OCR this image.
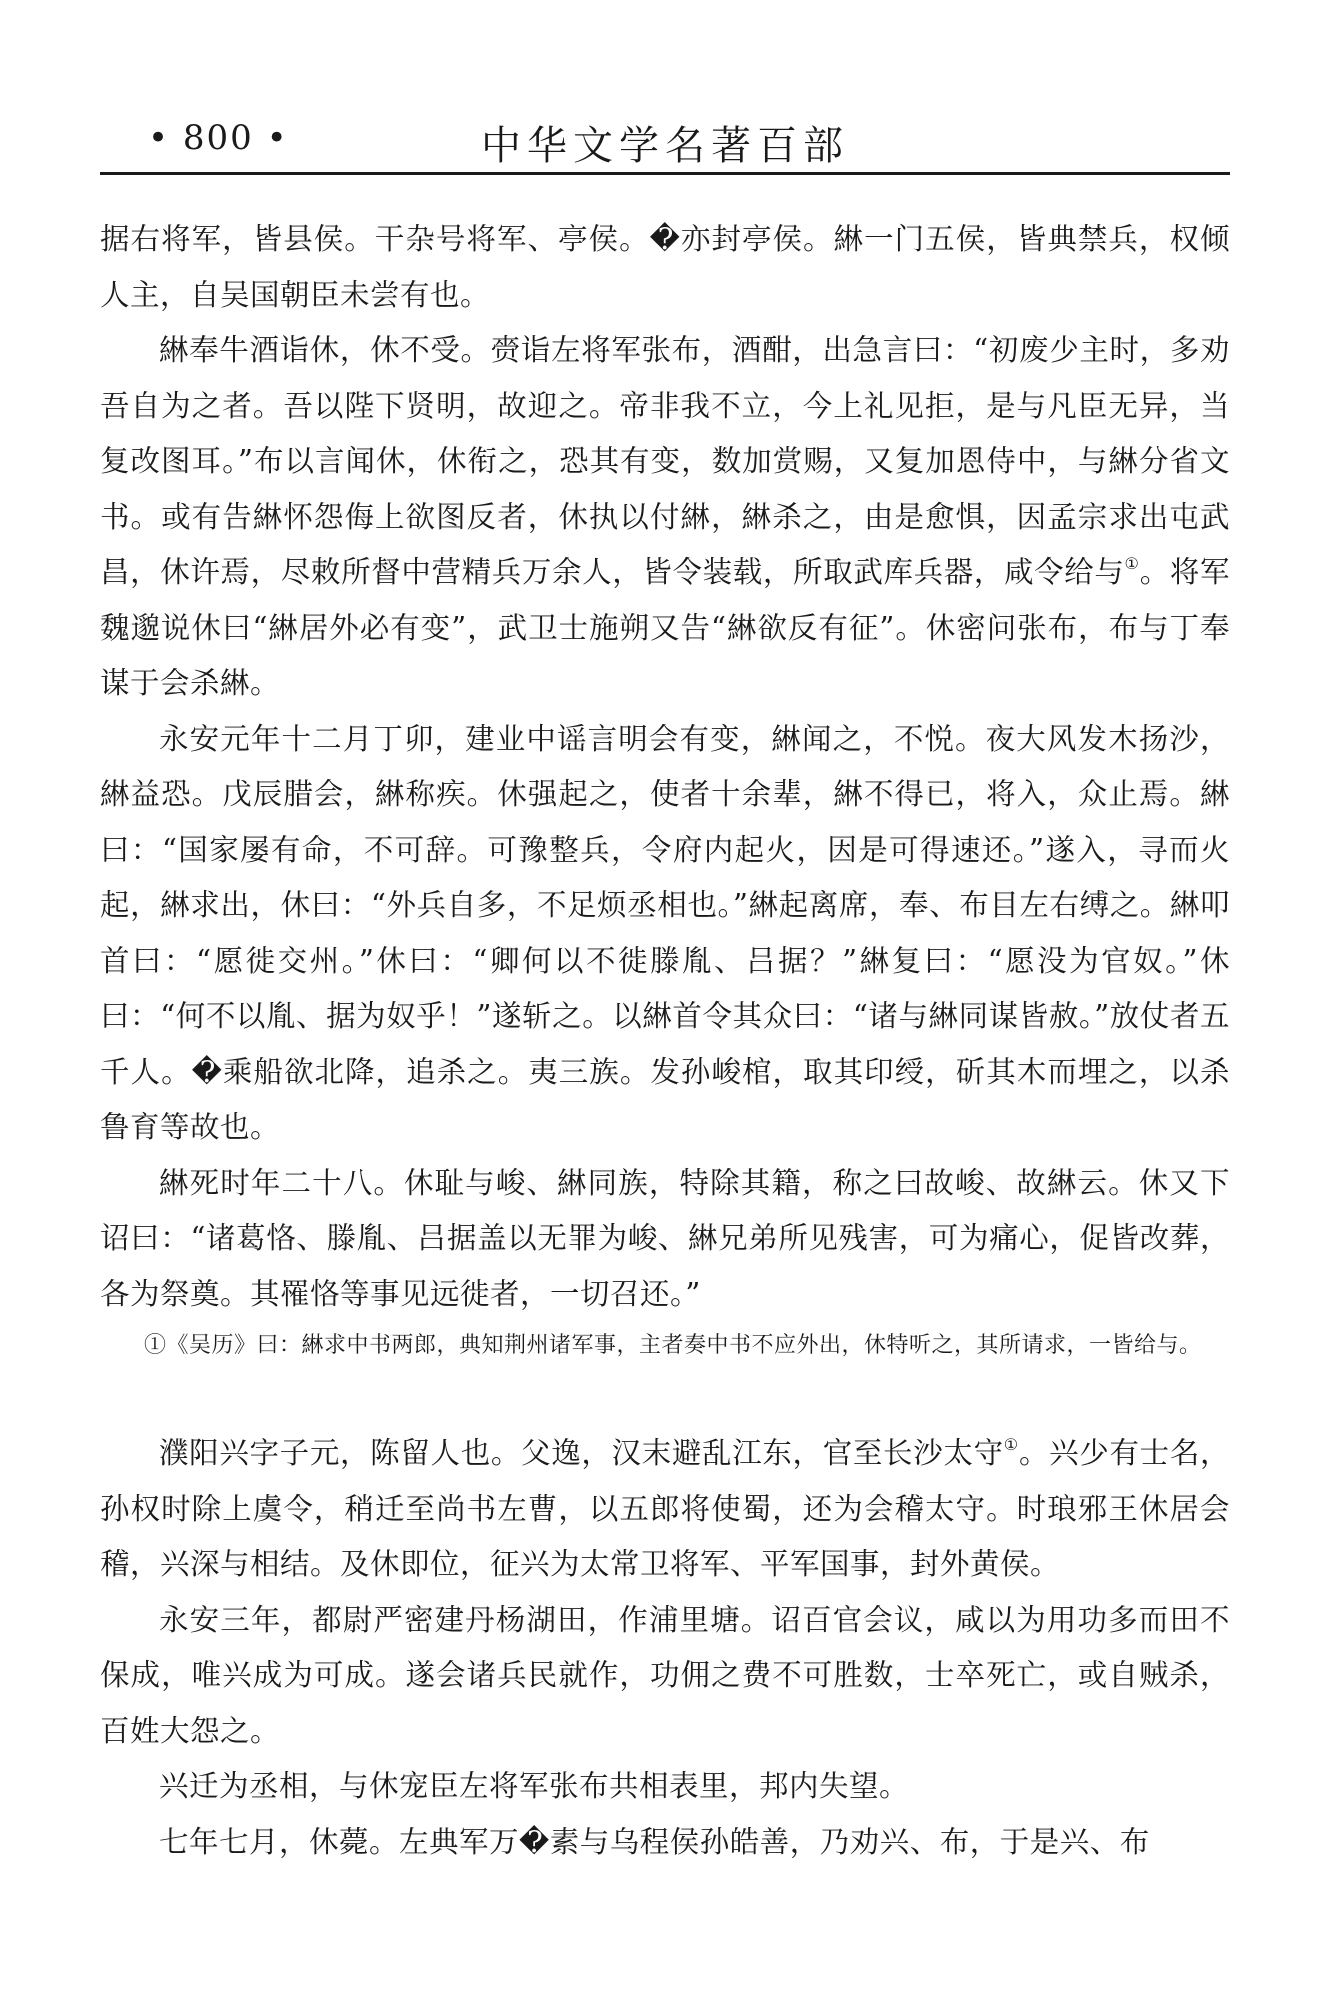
• 800 •	中华文学名著百部

据右将军，皆县侯。干杂号将军、亭侯。�亦封亭侯。綝一门五侯，皆典禁兵，权倾人主，自吴国朝臣未尝有也。

綝奉牛酒诣休，休不受。赍诣左将军张布，酒酣，出急言曰：“初废少主时，多劝吾自为之者。吾以陛下贤明，故迎之。帝非我不立，今上礼见拒，是与凡臣无异，当复改图耳。”布以言闻休，休衔之，恐其有变，数加赏赐，又复加恩侍中，与綝分省文书。或有告綝怀怨侮上欲图反者，休执以付綝，綝杀之，由是愈惧，因孟宗求出屯武昌，休许焉，尽敕所督中营精兵万余人，皆令装载，所取武库兵器，咸令给与①。将军魏邈说休曰“綝居外必有变”，武卫士施朔又告“綝欲反有征”。休密问张布，布与丁奉谋于会杀綝。

永安元年十二月丁卯，建业中谣言明会有变，綝闻之，不悦。夜大风发木扬沙，綝益恐。戊辰腊会，綝称疾。休强起之，使者十余辈，綝不得已，将入，众止焉。綝曰：“国家屡有命，不可辞。可豫整兵，令府内起火，因是可得速还。”遂入，寻而火起，綝求出，休曰：“外兵自多，不足烦丞相也。”綝起离席，奉、布目左右缚之。綝叩首曰：“愿徙交州。”休曰：“卿何以不徙滕胤、吕据？”綝复曰：“愿没为官奴。”休曰：“何不以胤、据为奴乎！”遂斩之。以綝首令其众曰：“诸与綝同谋皆赦。”放仗者五千人。�乘船欲北降，追杀之。夷三族。发孙峻棺，取其印绶，斫其木而埋之，以杀鲁育等故也。

綝死时年二十八。休耻与峻、綝同族，特除其籍，称之曰故峻、故綝云。休又下诏曰：“诸葛恪、滕胤、吕据盖以无罪为峻、綝兄弟所见残害，可为痛心，促皆改葬，各为祭奠。其罹恪等事见远徙者，一切召还。”

①《吴历》曰：綝求中书两郎，典知荆州诸军事，主者奏中书不应外出，休特听之，其所请求，一皆给与。

濮阳兴字子元，陈留人也。父逸，汉末避乱江东，官至长沙太守①。兴少有士名，孙权时除上虞令，稍迁至尚书左曹，以五郎将使蜀，还为会稽太守。时琅邪王休居会稽，兴深与相结。及休即位，征兴为太常卫将军、平军国事，封外黄侯。

永安三年，都尉严密建丹杨湖田，作浦里塘。诏百官会议，咸以为用功多而田不保成，唯兴成为可成。遂会诸兵民就作，功佣之费不可胜数，士卒死亡，或自贼杀，百姓大怨之。

兴迁为丞相，与休宠臣左将军张布共相表里，邦内失望。

七年七月，休薨。左典军万�素与乌程侯孙皓善，乃劝兴、布，于是兴、布
